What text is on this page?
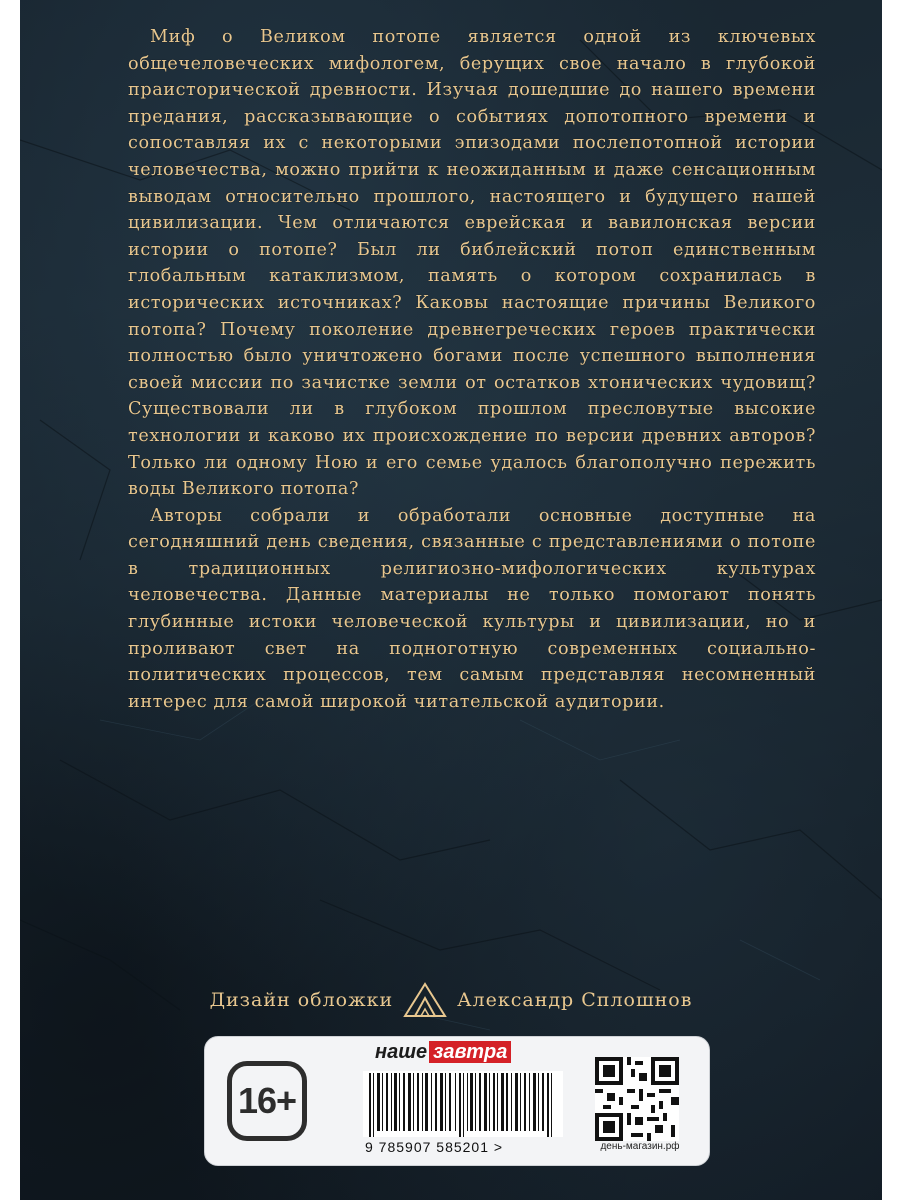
Миф о Великом потопе является одной из ключевых общечеловеческих мифологем, берущих свое начало в глубокой праисторической древности. Изучая дошедшие до нашего времени предания, рассказывающие о событиях допотопного времени и сопоставляя их с некоторыми эпизодами послепотопной истории человечества, можно прийти к неожиданным и даже сенсационным выводам относительно прошлого, настоящего и будущего нашей цивилизации. Чем отличаются еврейская и вавилонская версии истории о потопе? Был ли библейский потоп единственным глобальным катаклизмом, память о котором сохранилась в исторических источниках? Каковы настоящие причины Великого потопа? Почему поколение древнегреческих героев практически полностью было уничтожено богами после успешного выполнения своей миссии по зачистке земли от остатков хтонических чудовищ? Существовали ли в глубоком прошлом пресловутые высокие технологии и каково их происхождение по версии древних авторов? Только ли одному Ною и его семье удалось благополучно пережить воды Великого потопа?

Авторы собрали и обработали основные доступные на сегодняшний день сведения, связанные с представлениями о потопе в традиционных религиозно-мифологических культурах человечества. Данные материалы не только помогают понять глубинные истоки человеческой культуры и цивилизации, но и проливают свет на подноготную современных социально-политических процессов, тем самым представляя несомненный интерес для самой широкой читательской аудитории.

Дизайн обложки	Александр Сплошнов
16+
наше завтра
9 785907 585201 >	день-магазин.рф
